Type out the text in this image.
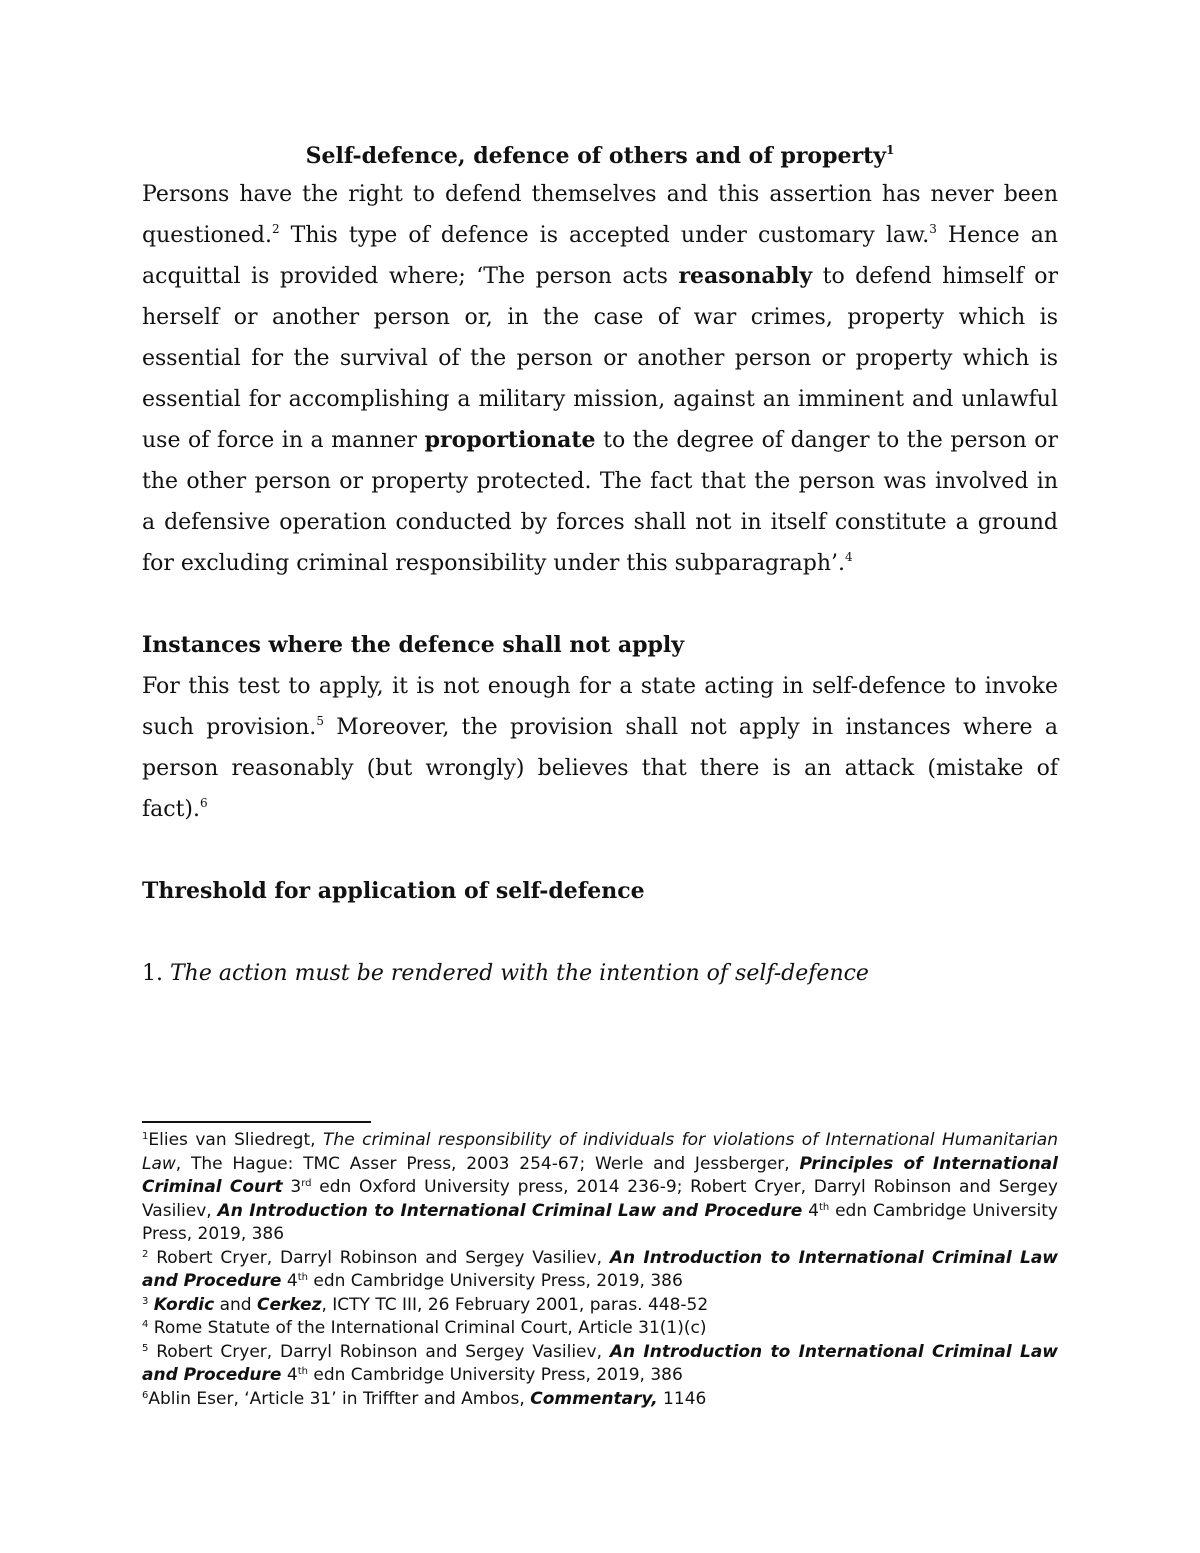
Self-defence, defence of others and of property$^1$

Persons have the right to defend themselves and this assertion has never been questioned.$^2$ This type of defence is accepted under customary law.$^3$ Hence an acquittal is provided where; ‘The person acts reasonably to defend himself or herself or another person or, in the case of war crimes, property which is essential for the survival of the person or another person or property which is essential for accomplishing a military mission, against an imminent and unlawful use of force in a manner proportionate to the degree of danger to the person or the other person or property protected. The fact that the person was involved in a defensive operation conducted by forces shall not in itself constitute a ground for excluding criminal responsibility under this subparagraph’.$^4$

Instances where the defence shall not apply

For this test to apply, it is not enough for a state acting in self-defence to invoke such provision.$^5$ Moreover, the provision shall not apply in instances where a person reasonably (but wrongly) believes that there is an attack (mistake of fact).$^6$

Threshold for application of self-defence

1. The action must be rendered with the intention of self-defence

$^1$Elies van Sliedregt, The criminal responsibility of individuals for violations of International Humanitarian Law, The Hague: TMC Asser Press, 2003 254-67; Werle and Jessberger, Principles of International Criminal Court 3rd edn Oxford University press, 2014 236-9; Robert Cryer, Darryl Robinson and Sergey Vasiliev, An Introduction to International Criminal Law and Procedure 4th edn Cambridge University Press, 2019, 386

$^2$ Robert Cryer, Darryl Robinson and Sergey Vasiliev, An Introduction to International Criminal Law and Procedure 4th edn Cambridge University Press, 2019, 386

$^3$ Kordic and Cerkez, ICTY TC III, 26 February 2001, paras. 448-52

$^4$ Rome Statute of the International Criminal Court, Article 31(1)(c)

$^5$ Robert Cryer, Darryl Robinson and Sergey Vasiliev, An Introduction to International Criminal Law and Procedure 4th edn Cambridge University Press, 2019, 386

$^6$Ablin Eser, ‘Article 31’ in Triffter and Ambos, Commentary, 1146
